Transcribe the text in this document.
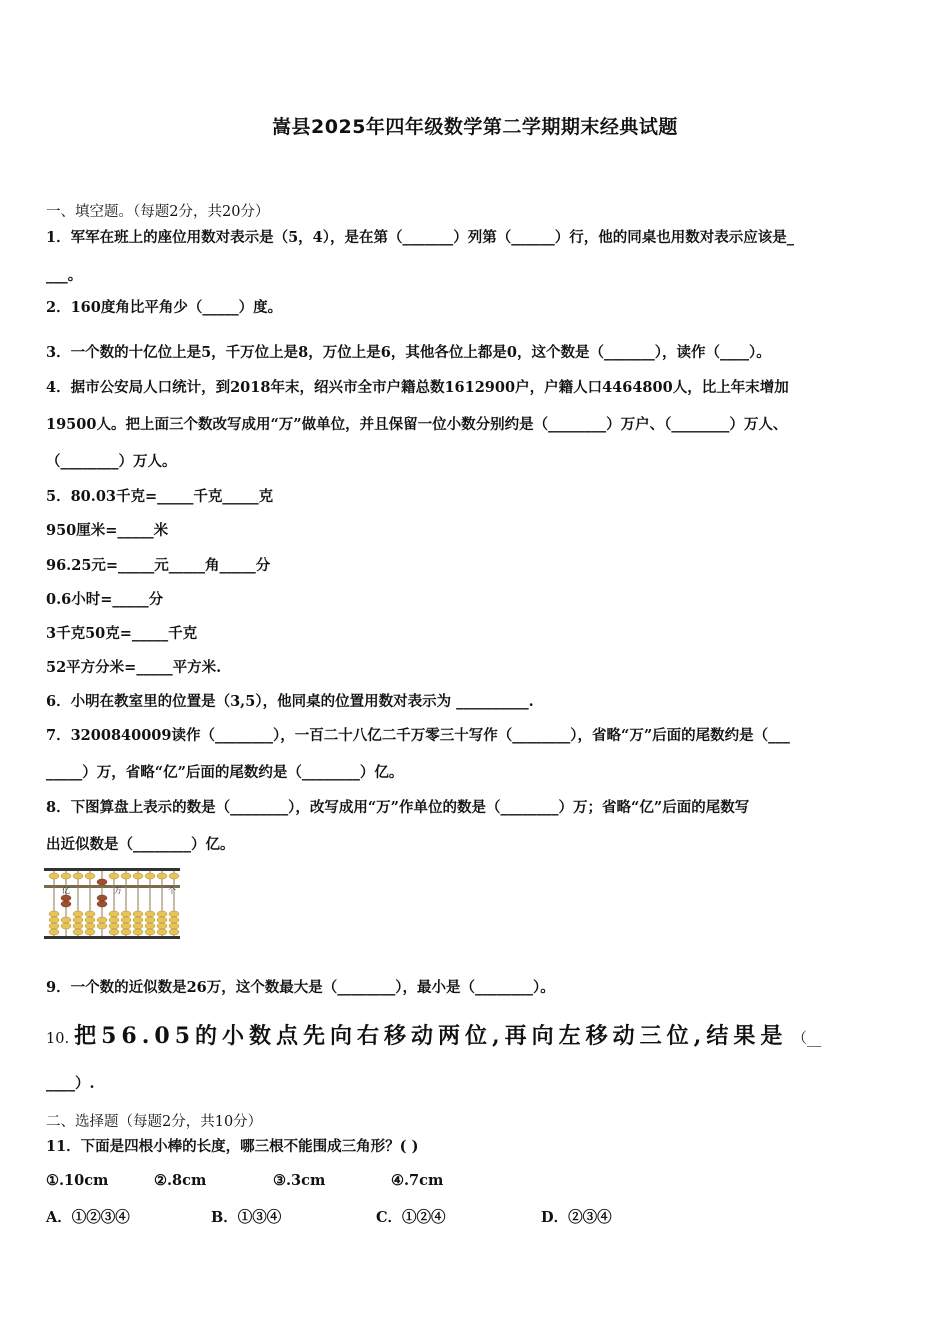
嵩县2025年四年级数学第二学期期末经典试题
一、填空题。（每题2分，共20分）
1．军军在班上的座位用数对表示是（5，4），是在第（_______）列第（______）行，他的同桌也用数对表示应该是_
___。
2．160度角比平角少（_____）度。
3．一个数的十亿位上是5，千万位上是8，万位上是6，其他各位上都是0，这个数是（_______），读作（____）。
4．据市公安局人口统计，到2018年末，绍兴市全市户籍总数1612900户，户籍人口4464800人，比上年末增加
19500人。把上面三个数改写成用“万”做单位，并且保留一位小数分别约是（________）万户、（________）万人、
（________）万人。
5．80.03千克=_____千克_____克
950厘米=_____米
96.25元=_____元_____角_____分
0.6小时=_____分
3千克50克=_____千克
52平方分米=_____平方米.
6．小明在教室里的位置是（3,5），他同桌的位置用数对表示为 __________.
7．3200840009读作（________），一百二十八亿二千万零三十写作（________），省略“万”后面的尾数约是（___
_____）万，省略“亿”后面的尾数约是（________）亿。
8．下图算盘上表示的数是（________），改写成用“万”作单位的数是（________）万；省略“亿”后面的尾数写
出近似数是（________）亿。
亿	万	个
9．一个数的近似数是26万，这个数最大是（________），最小是（________）。
10. 把56.05的小数点先向右移动两位,再向左移动三位,结果是 （__
____）.
二、选择题（每题2分，共10分）
11．下面是四根小棒的长度，哪三根不能围成三角形？( )
①.10cm	②.8cm	③.3cm	④.7cm
A．①②③④	B．①③④	C．①②④	D．②③④
